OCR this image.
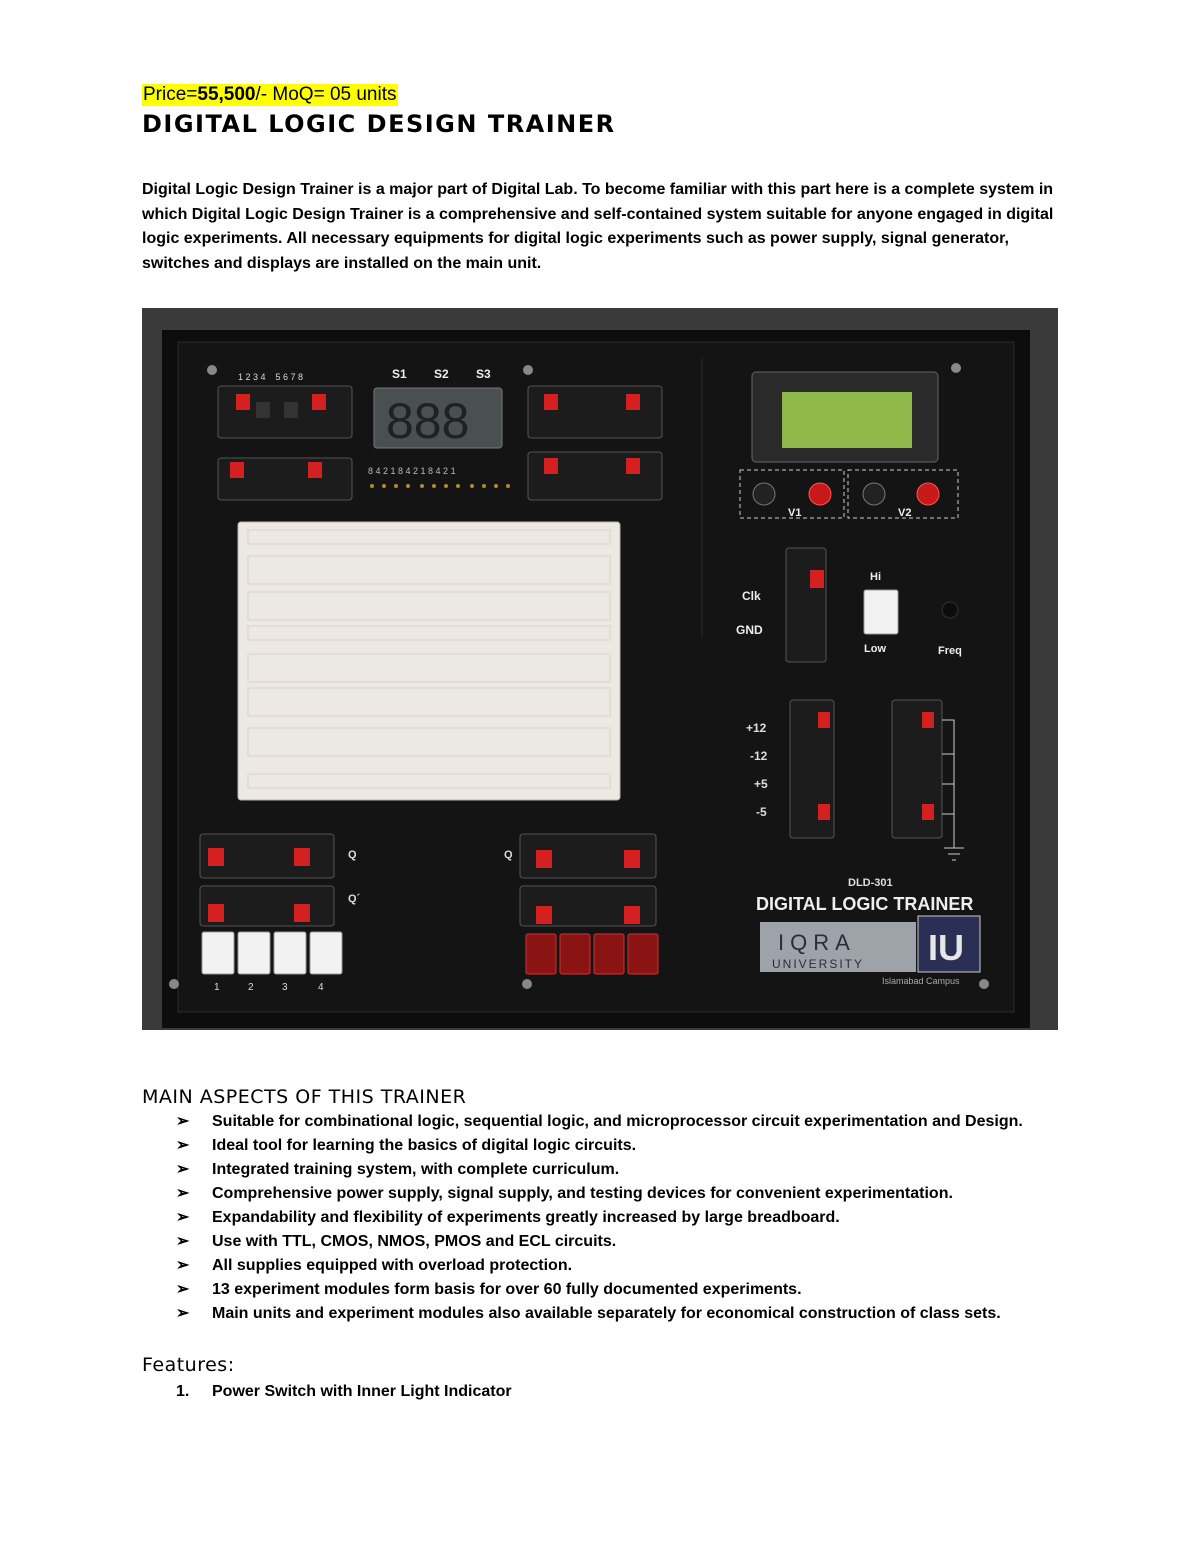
Price=55,500/- MoQ= 05 units
DIGITAL LOGIC DESIGN TRAINER
Digital Logic Design Trainer is a major part of Digital Lab. To become familiar with this part here is a complete system in which Digital Logic Design Trainer is a comprehensive and self-contained system suitable for anyone engaged in digital logic experiments. All necessary equipments for digital logic experiments such as power supply, signal generator, switches and displays are installed on the main unit.
1 2 3 4    5 6 7 8	S1 S2 S3
888
8 4 2 1 8 4 2 1 8 4 2 1
V1	V2
Clk
GND
Hi
Low	Freq
+12
-12
+5
-5
Q
Q´
1	2	3	4
Q
DLD-301
DIGITAL LOGIC TRAINER
IQRA
UNIVERSITY IU
Islamabad Campus
MAIN ASPECTS OF THIS TRAINER
➢ Suitable for combinational logic, sequential logic, and microprocessor circuit experimentation and Design.
➢ Ideal tool for learning the basics of digital logic circuits.
➢ Integrated training system, with complete curriculum.
➢ Comprehensive power supply, signal supply, and testing devices for convenient experimentation.
➢ Expandability and flexibility of experiments greatly increased by large breadboard.
➢ Use with TTL, CMOS, NMOS, PMOS and ECL circuits.
➢ All supplies equipped with overload protection.
➢ 13 experiment modules form basis for over 60 fully documented experiments.
➢ Main units and experiment modules also available separately for economical construction of class sets.
Features:
1. Power Switch with Inner Light Indicator
